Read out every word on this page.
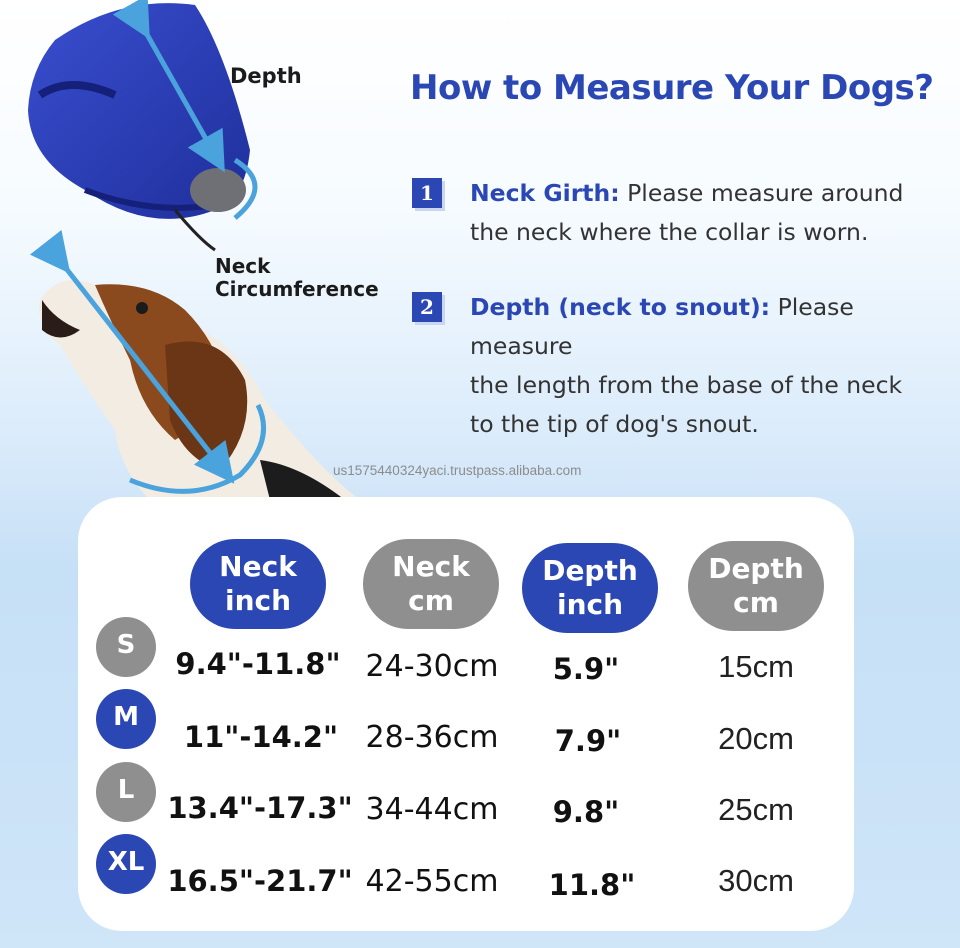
Depth
Neck
Circumference
How to Measure Your Dogs?
1	Neck Girth: Please measure around
the neck where the collar is worn.
2	Depth (neck to snout): Please measure
the length from the base of the neck
to the tip of dog's snout.
us1575440324yaci.trustpass.alibaba.com
Neck
inch
Neck
cm
Depth
inch
Depth
cm
S
M
L
XL
9.4"-11.8" 24-30cm 5.9"	15cm
11"-14.2" 28-36cm 7.9"	20cm
13.4"-17.3" 34-44cm 9.8"	25cm
16.5"-21.7" 42-55cm 11.8"	30cm
